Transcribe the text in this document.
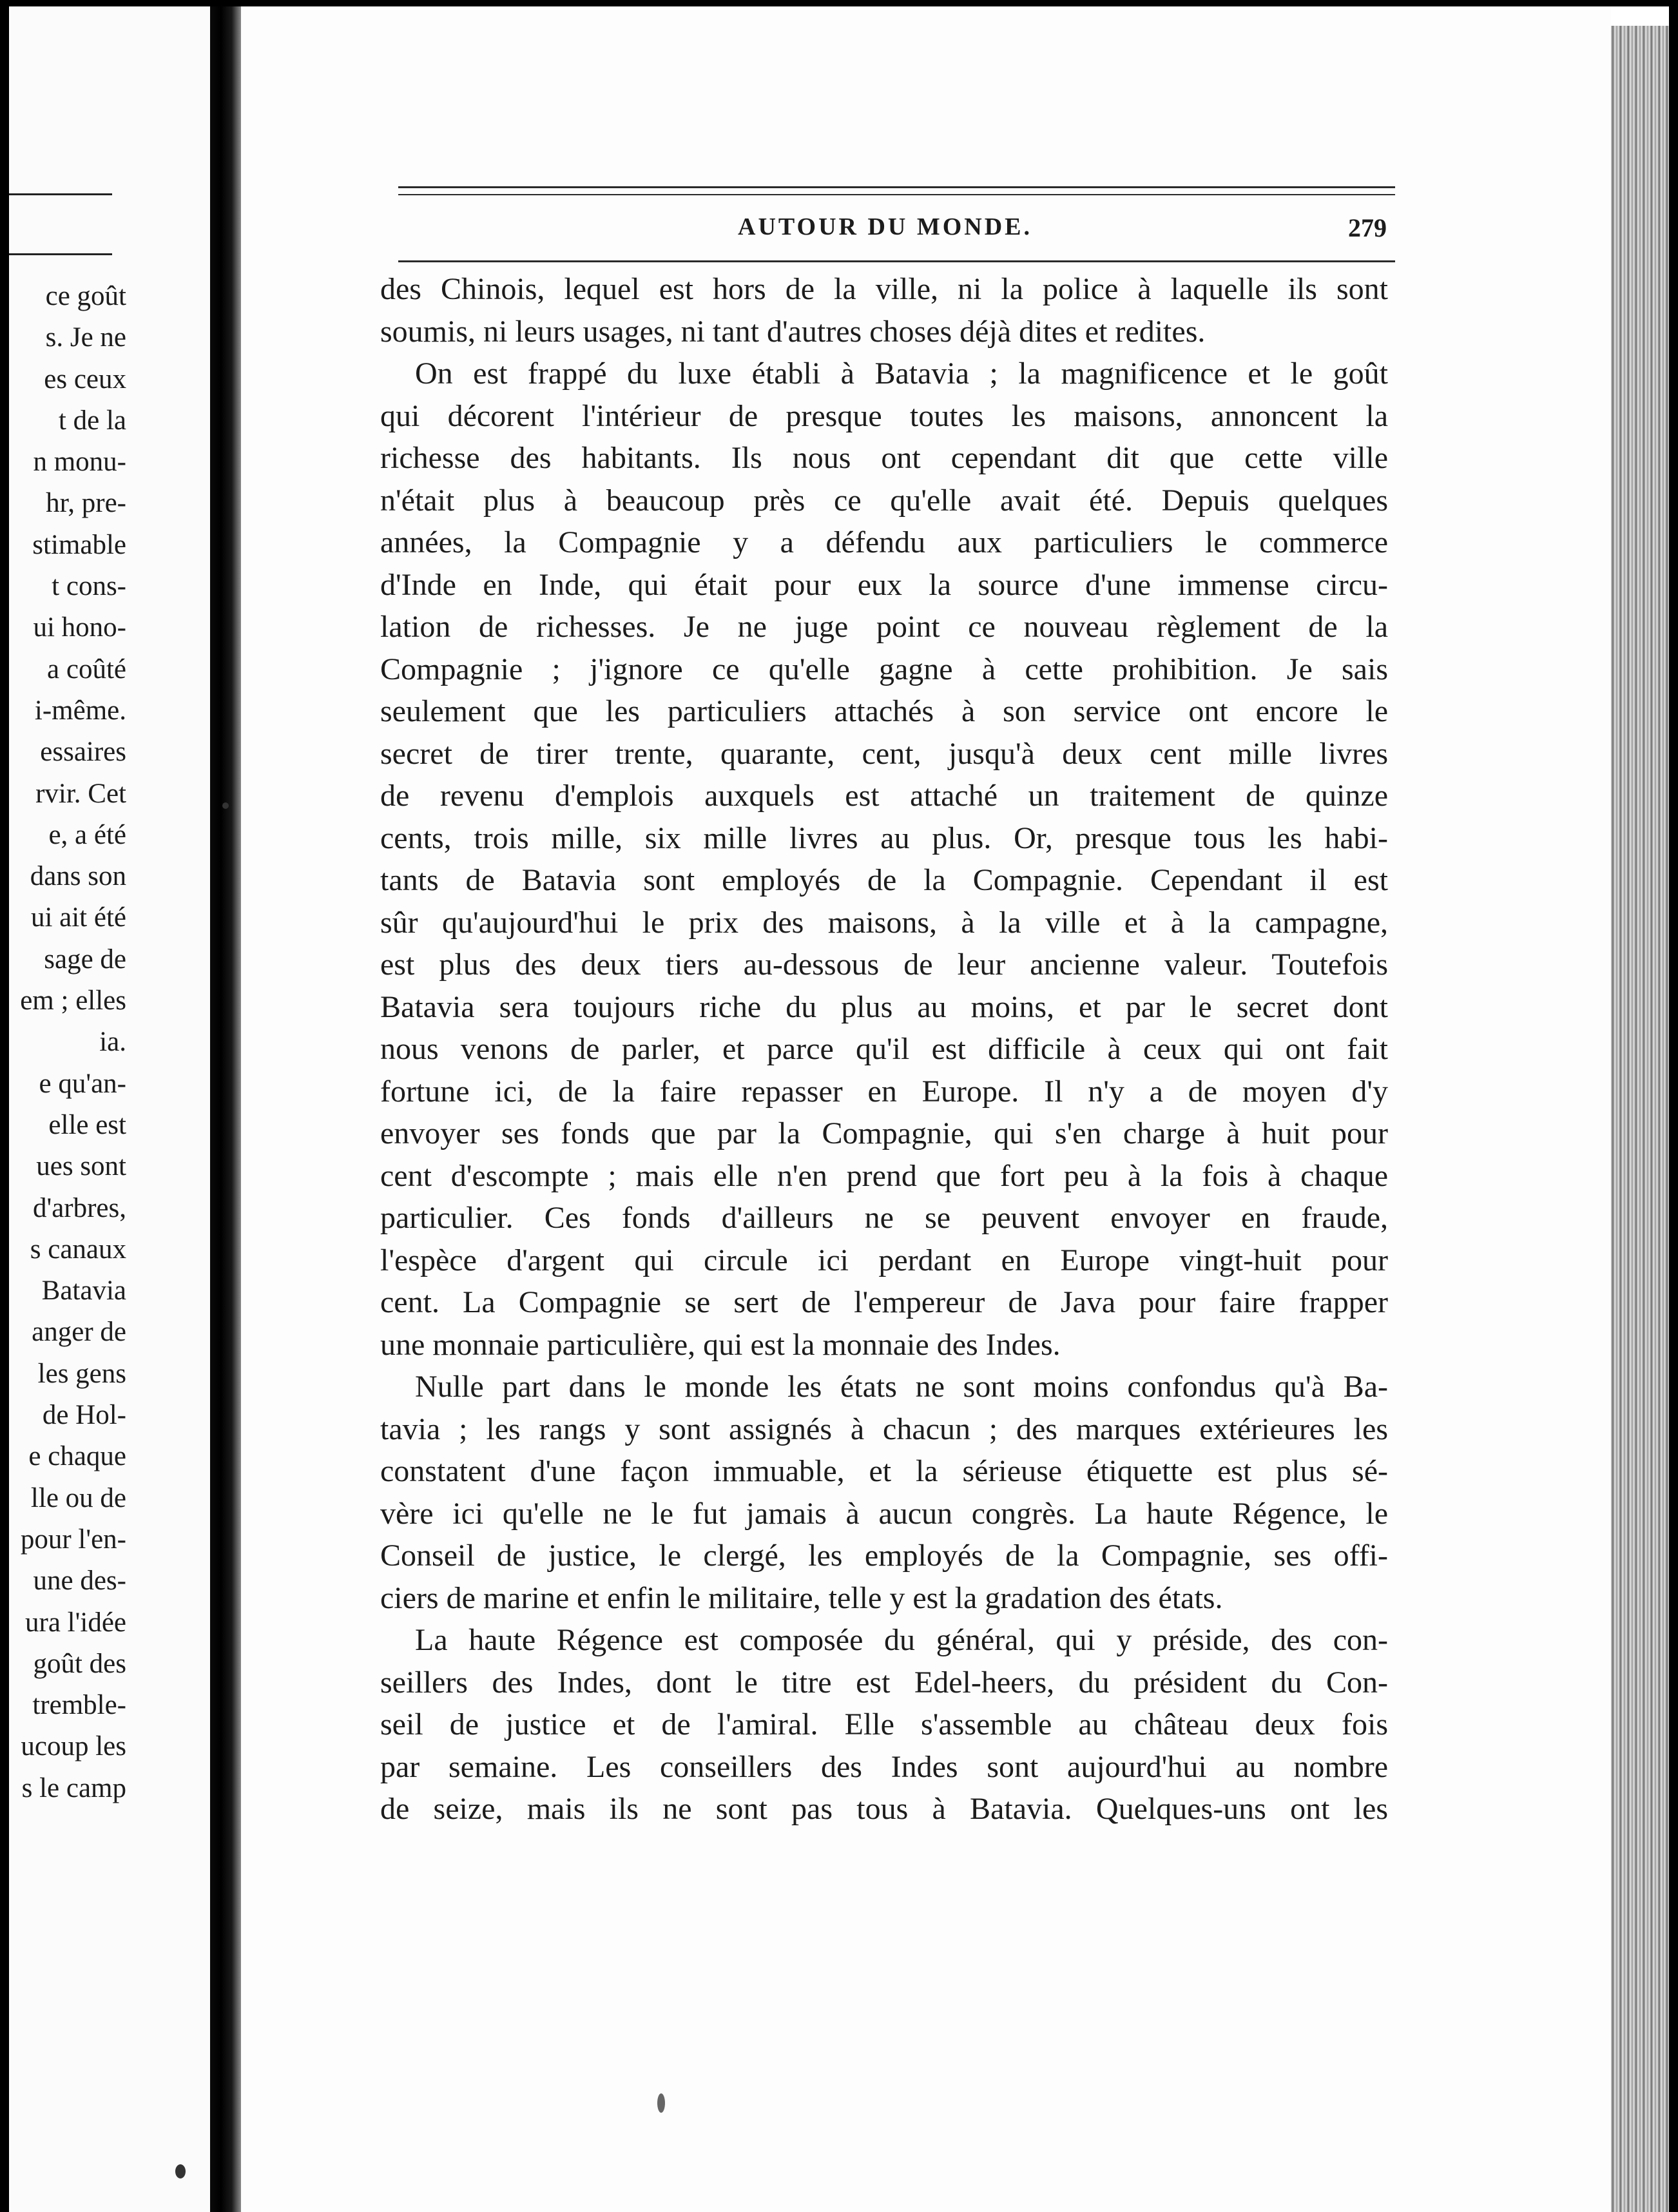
ce goût
s. Je ne
es ceux
t de la
n monu-
hr, pre-
stimable
t cons-
ui hono-
a coûté
i-même.
essaires
rvir. Cet
e, a été
dans son
ui ait été
sage de
em ; elles
ia.
e qu'an-
elle est
ues sont
d'arbres,
s canaux
Batavia
anger de
les gens
de Hol-
e chaque
lle ou de
pour l'en-
une des-
ura l'idée
goût des
tremble-
ucoup les
s le camp
AUTOUR DU MONDE.	279
des Chinois, lequel est hors de la ville, ni la police à laquelle ils sont
soumis, ni leurs usages, ni tant d'autres choses déjà dites et redites.
On est frappé du luxe établi à Batavia ; la magnificence et le goût
qui décorent l'intérieur de presque toutes les maisons, annoncent la
richesse des habitants. Ils nous ont cependant dit que cette ville
n'était plus à beaucoup près ce qu'elle avait été. Depuis quelques
années, la Compagnie y a défendu aux particuliers le commerce
d'Inde en Inde, qui était pour eux la source d'une immense circu-
lation de richesses. Je ne juge point ce nouveau règlement de la
Compagnie ; j'ignore ce qu'elle gagne à cette prohibition. Je sais
seulement que les particuliers attachés à son service ont encore le
secret de tirer trente, quarante, cent, jusqu'à deux cent mille livres
de revenu d'emplois auxquels est attaché un traitement de quinze
cents, trois mille, six mille livres au plus. Or, presque tous les habi-
tants de Batavia sont employés de la Compagnie. Cependant il est
sûr qu'aujourd'hui le prix des maisons, à la ville et à la campagne,
est plus des deux tiers au-dessous de leur ancienne valeur. Toutefois
Batavia sera toujours riche du plus au moins, et par le secret dont
nous venons de parler, et parce qu'il est difficile à ceux qui ont fait
fortune ici, de la faire repasser en Europe. Il n'y a de moyen d'y
envoyer ses fonds que par la Compagnie, qui s'en charge à huit pour
cent d'escompte ; mais elle n'en prend que fort peu à la fois à chaque
particulier. Ces fonds d'ailleurs ne se peuvent envoyer en fraude,
l'espèce d'argent qui circule ici perdant en Europe vingt-huit pour
cent. La Compagnie se sert de l'empereur de Java pour faire frapper
une monnaie particulière, qui est la monnaie des Indes.
Nulle part dans le monde les états ne sont moins confondus qu'à Ba-
tavia ; les rangs y sont assignés à chacun ; des marques extérieures les
constatent d'une façon immuable, et la sérieuse étiquette est plus sé-
vère ici qu'elle ne le fut jamais à aucun congrès. La haute Régence, le
Conseil de justice, le clergé, les employés de la Compagnie, ses offi-
ciers de marine et enfin le militaire, telle y est la gradation des états.
La haute Régence est composée du général, qui y préside, des con-
seillers des Indes, dont le titre est Edel-heers, du président du Con-
seil de justice et de l'amiral. Elle s'assemble au château deux fois
par semaine. Les conseillers des Indes sont aujourd'hui au nombre
de seize, mais ils ne sont pas tous à Batavia. Quelques-uns ont les
